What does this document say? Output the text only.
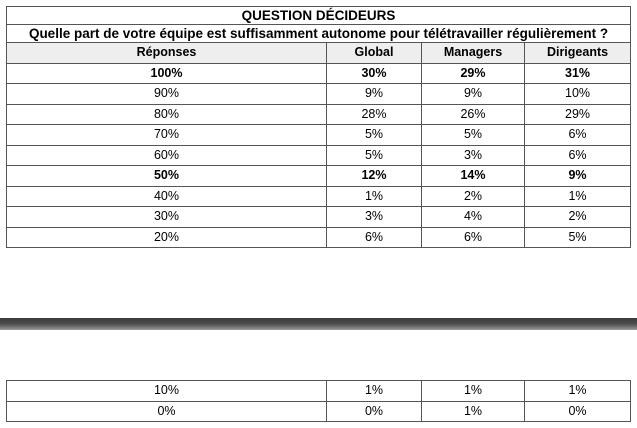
QUESTION DÉCIDEURS			
Quelle part de votre équipe est suffisamment autonome pour télétravailler régulièrement ?			
Réponses	Global	Managers	Dirigeants
100%	30%	29%	31%
90%	9%	9%	10%
80%	28%	26%	29%
70%	5%	5%	6%
60%	5%	3%	6%
50%	12%	14%	9%
40%	1%	2%	1%
30%	3%	4%	2%
20%	6%	6%	5%
10%	1%	1%	1%
0%	0%	1%	0%
